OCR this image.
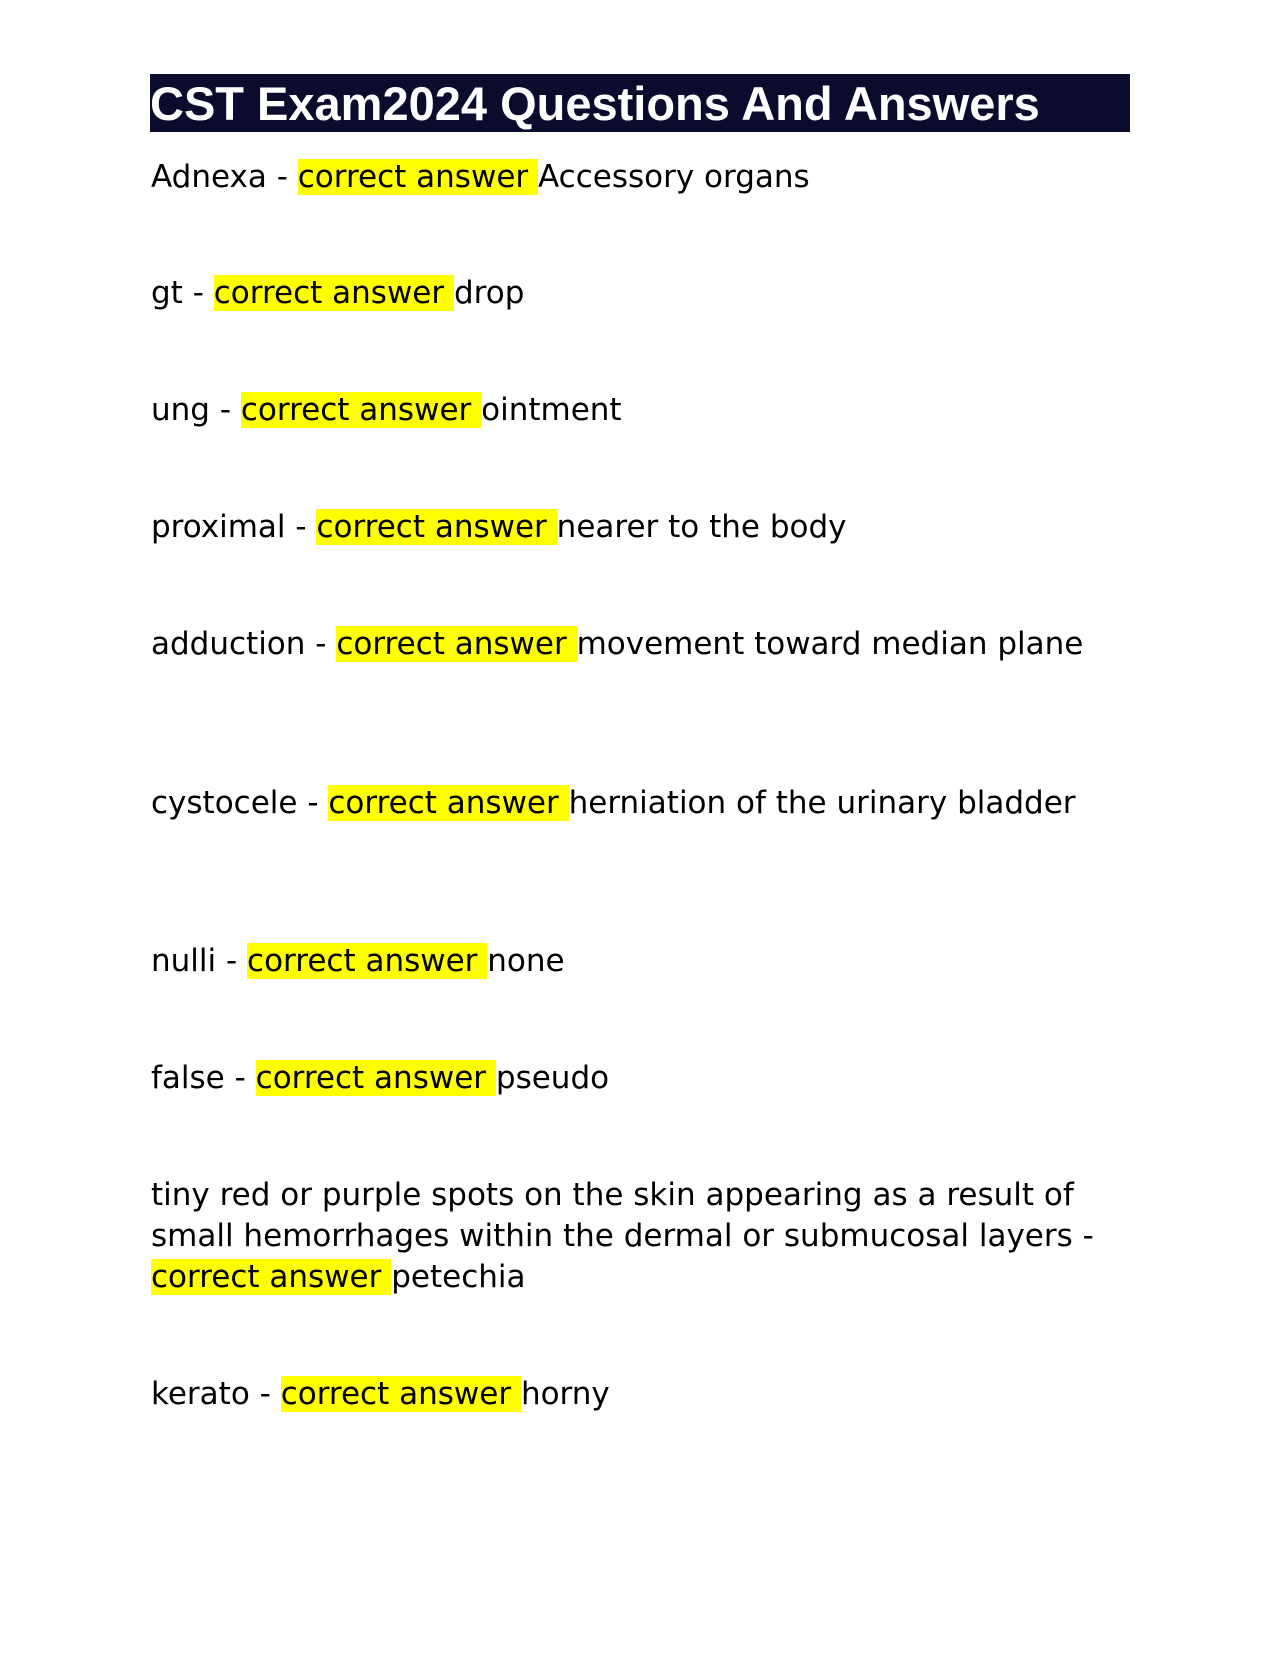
CST Exam2024 Questions And Answers

Adnexa - correct answer Accessory organs

gt - correct answer drop

ung - correct answer ointment

proximal - correct answer nearer to the body

adduction - correct answer movement toward median plane

cystocele - correct answer herniation of the urinary bladder

nulli - correct answer none

false - correct answer pseudo

tiny red or purple spots on the skin appearing as a result of small hemorrhages within the dermal or submucosal layers - correct answer petechia

kerato - correct answer horny
